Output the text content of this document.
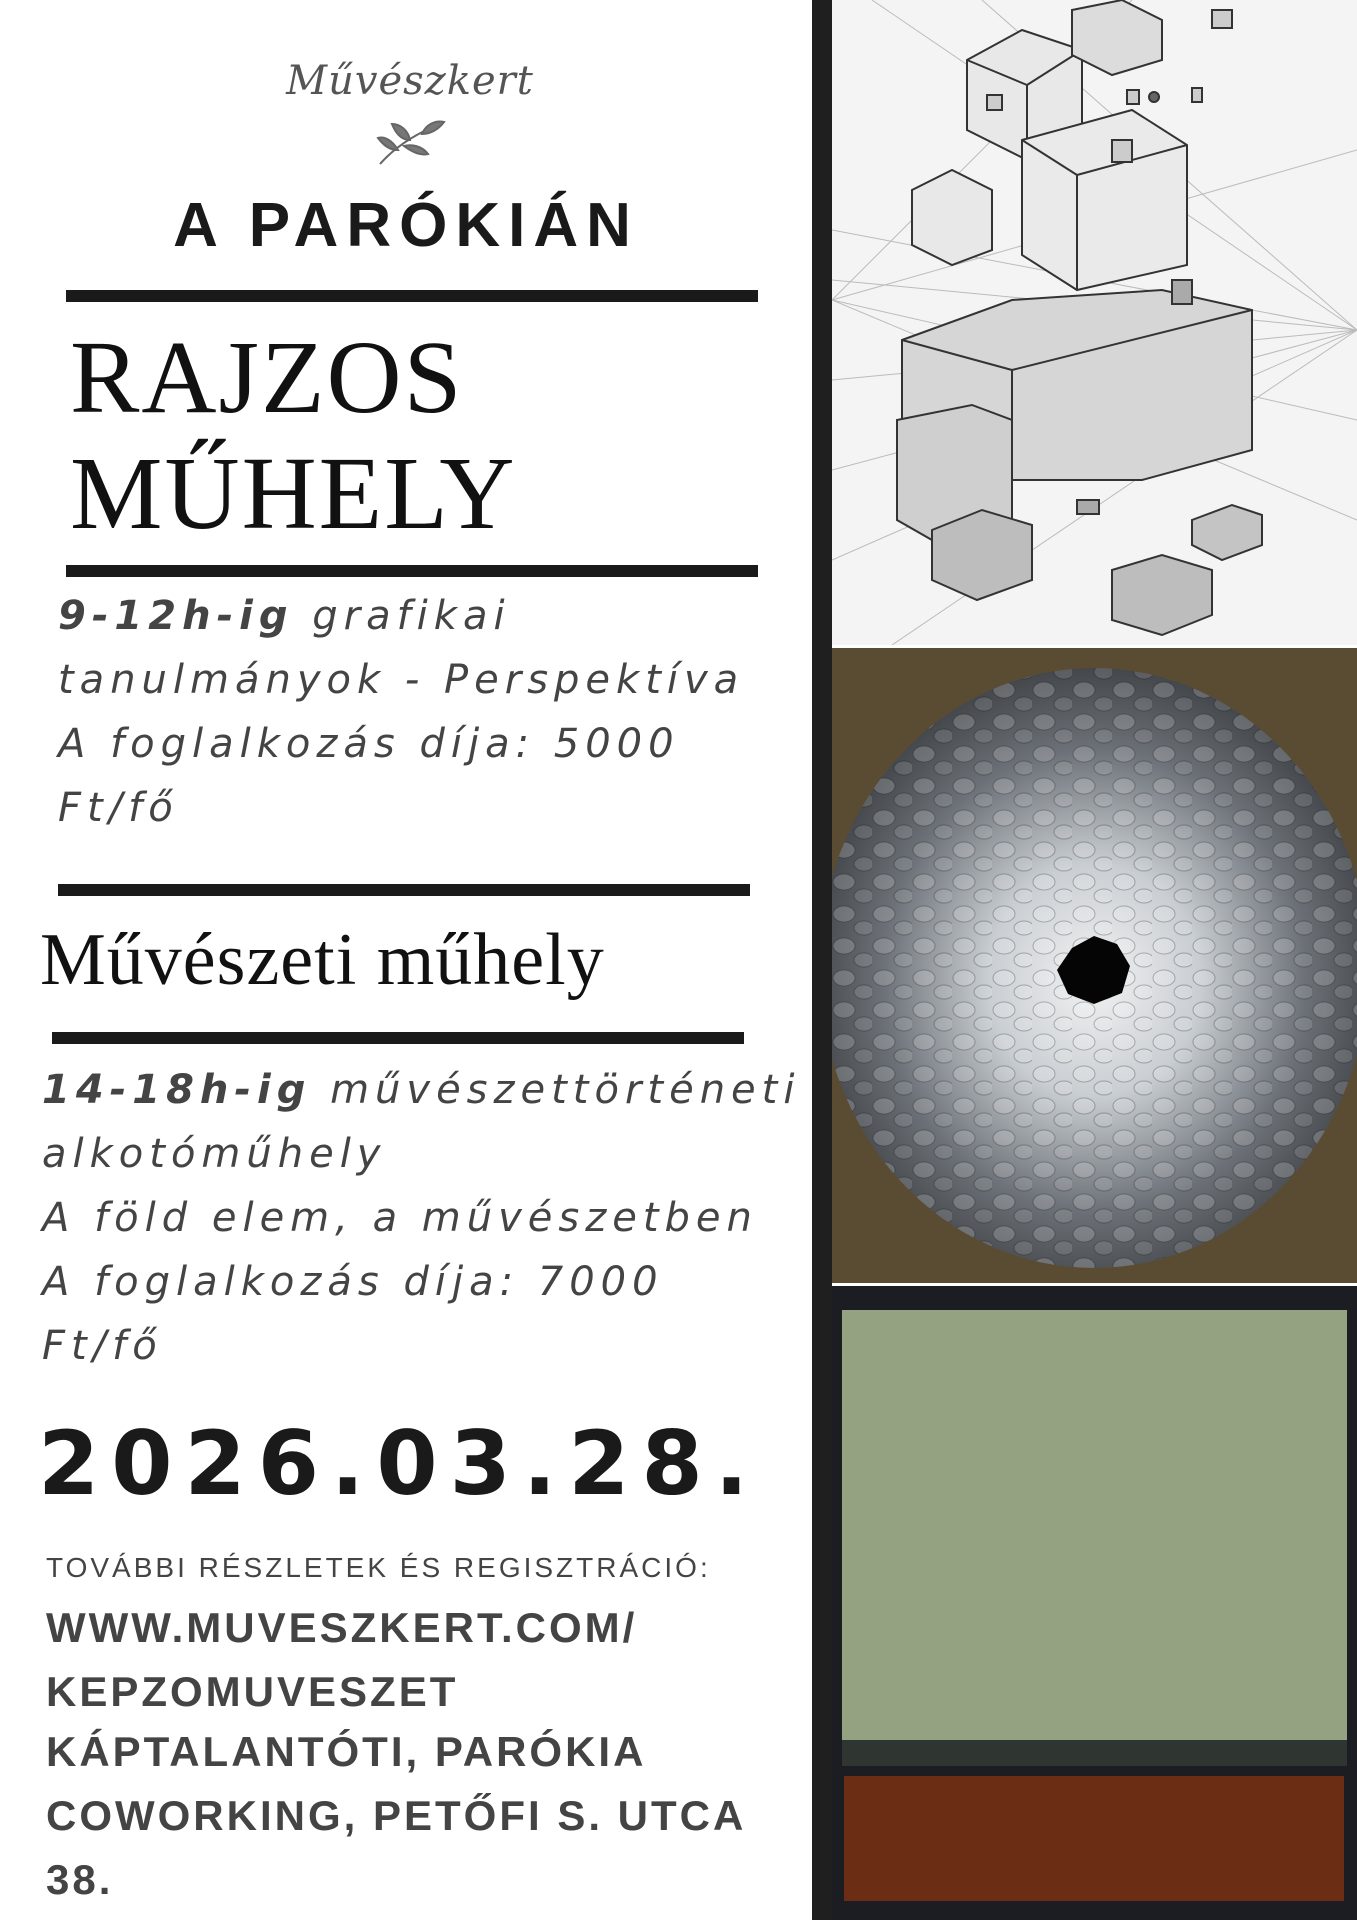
Művészkert
A PARÓKIÁN
RAJZOS
MŰHELY
9-12h-ig grafikai
tanulmányok - Perspektíva
A foglalkozás díja: 5000
Ft/fő
Művészeti műhely
14-18h-ig művészettörténeti
alkotóműhely
A föld elem, a művészetben
A foglalkozás díja: 7000
Ft/fő
2026.03.28.
TOVÁBBI RÉSZLETEK ÉS REGISZTRÁCIÓ:
WWW.MUVESZKERT.COM/
KEPZOMUVESZET
KÁPTALANTÓTI, PARÓKIA
COWORKING, PETŐFI S. UTCA 38.
